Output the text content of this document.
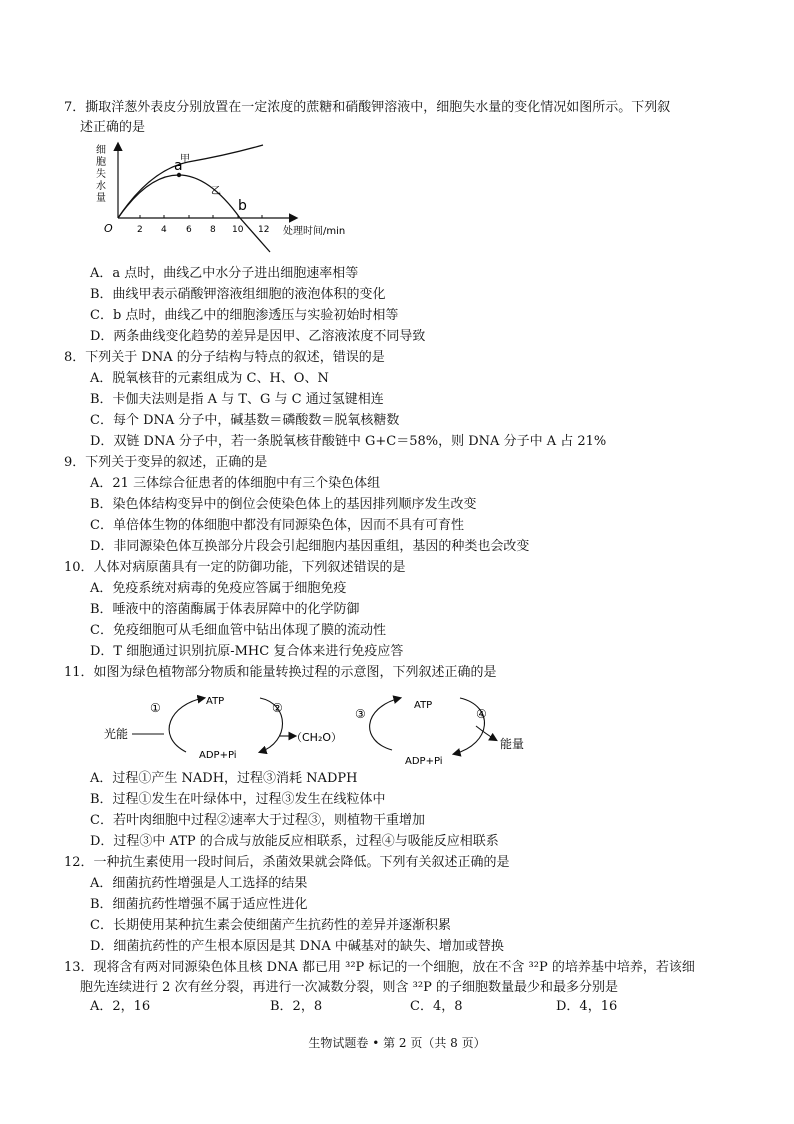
7．撕取洋葱外表皮分别放置在一定浓度的蔗糖和硝酸钾溶液中，细胞失水量的变化情况如图所示。下列叙
述正确的是
细
胞
失
水
量
O	2 4 6 8 10 12 处理时间/min
甲
a
乙
b
A．a 点时，曲线乙中水分子进出细胞速率相等
B．曲线甲表示硝酸钾溶液组细胞的液泡体积的变化
C．b 点时，曲线乙中的细胞渗透压与实验初始时相等
D．两条曲线变化趋势的差异是因甲、乙溶液浓度不同导致
8．下列关于 DNA 的分子结构与特点的叙述，错误的是
A．脱氧核苷的元素组成为 C、H、O、N
B．卡伽夫法则是指 A 与 T、G 与 C 通过氢键相连
C．每个 DNA 分子中，碱基数＝磷酸数＝脱氧核糖数
D．双链 DNA 分子中，若一条脱氧核苷酸链中 G+C＝58%，则 DNA 分子中 A 占 21%
9．下列关于变异的叙述，正确的是
A．21 三体综合征患者的体细胞中有三个染色体组
B．染色体结构变异中的倒位会使染色体上的基因排列顺序发生改变
C．单倍体生物的体细胞中都没有同源染色体，因而不具有可育性
D．非同源染色体互换部分片段会引起细胞内基因重组，基因的种类也会改变
10．人体对病原菌具有一定的防御功能，下列叙述错误的是
A．免疫系统对病毒的免疫应答属于细胞免疫
B．唾液中的溶菌酶属于体表屏障中的化学防御
C．免疫细胞可从毛细血管中钻出体现了膜的流动性
D．T 细胞通过识别抗原-MHC 复合体来进行免疫应答
11．如图为绿色植物部分物质和能量转换过程的示意图，下列叙述正确的是
光能
①	ATP	②
ADP+Pi
（CH₂O）
③
ATP
④
ADP+Pi
能量
A．过程①产生 NADH，过程③消耗 NADPH
B．过程①发生在叶绿体中，过程③发生在线粒体中
C．若叶肉细胞中过程②速率大于过程③，则植物干重增加
D．过程③中 ATP 的合成与放能反应相联系，过程④与吸能反应相联系
12．一种抗生素使用一段时间后，杀菌效果就会降低。下列有关叙述正确的是
A．细菌抗药性增强是人工选择的结果
B．细菌抗药性增强不属于适应性进化
C．长期使用某种抗生素会使细菌产生抗药性的差异并逐渐积累
D．细菌抗药性的产生根本原因是其 DNA 中碱基对的缺失、增加或替换
13．现将含有两对同源染色体且核 DNA 都已用 ³²P 标记的一个细胞，放在不含 ³²P 的培养基中培养，若该细
胞先连续进行 2 次有丝分裂，再进行一次减数分裂，则含 ³²P 的子细胞数量最少和最多分别是
A．2，16	B．2，8	C．4，8	D．4，16
生物试题卷 • 第 2 页（共 8 页）
